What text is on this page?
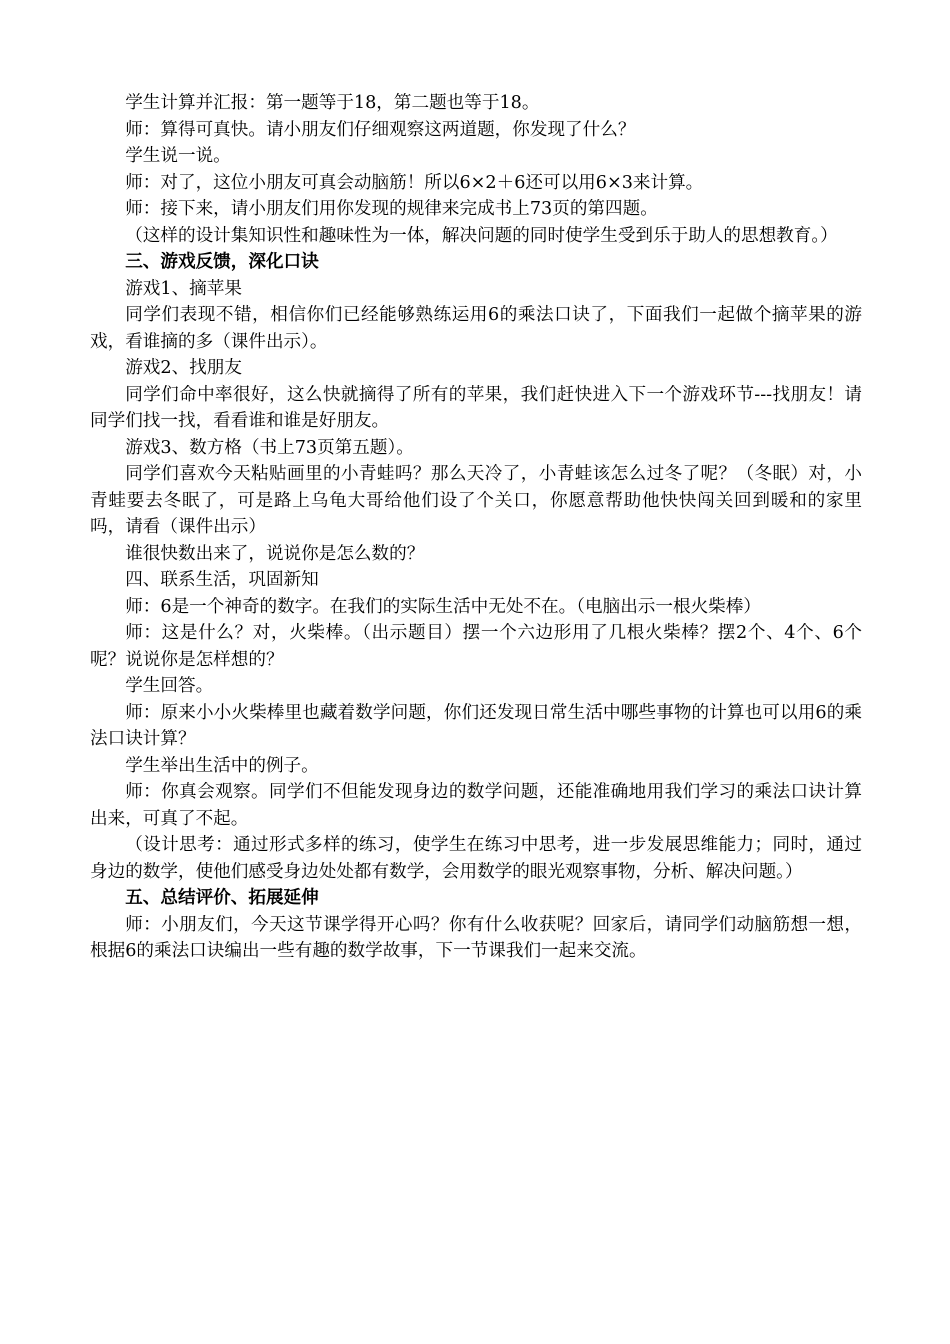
学生计算并汇报：第一题等于18，第二题也等于18。

师：算得可真快。请小朋友们仔细观察这两道题，你发现了什么？

学生说一说。

师：对了，这位小朋友可真会动脑筋！所以6×2＋6还可以用6×3来计算。

师：接下来，请小朋友们用你发现的规律来完成书上73页的第四题。

（这样的设计集知识性和趣味性为一体，解决问题的同时使学生受到乐于助人的思想教育。）

三、游戏反馈，深化口诀

游戏1、摘苹果

同学们表现不错，相信你们已经能够熟练运用6的乘法口诀了，下面我们一起做个摘苹果的游戏，看谁摘的多（课件出示）。

游戏2、找朋友

同学们命中率很好，这么快就摘得了所有的苹果，我们赶快进入下一个游戏环节---找朋友！请同学们找一找，看看谁和谁是好朋友。

游戏3、数方格（书上73页第五题）。

同学们喜欢今天粘贴画里的小青蛙吗？那么天冷了，小青蛙该怎么过冬了呢？（冬眠）对，小青蛙要去冬眠了，可是路上乌龟大哥给他们设了个关口，你愿意帮助他快快闯关回到暖和的家里吗，请看（课件出示）

谁很快数出来了，说说你是怎么数的？

四、联系生活，巩固新知

师：6是一个神奇的数字。在我们的实际生活中无处不在。（电脑出示一根火柴棒）

师：这是什么？对，火柴棒。（出示题目）摆一个六边形用了几根火柴棒？摆2个、4个、6个呢？说说你是怎样想的？

学生回答。

师：原来小小火柴棒里也藏着数学问题，你们还发现日常生活中哪些事物的计算也可以用6的乘法口诀计算？

学生举出生活中的例子。

师：你真会观察。同学们不但能发现身边的数学问题，还能准确地用我们学习的乘法口诀计算出来，可真了不起。

（设计思考：通过形式多样的练习，使学生在练习中思考，进一步发展思维能力；同时，通过身边的数学，使他们感受身边处处都有数学，会用数学的眼光观察事物，分析、解决问题。）

五、总结评价、拓展延伸

师：小朋友们，今天这节课学得开心吗？你有什么收获呢？回家后，请同学们动脑筋想一想，根据6的乘法口诀编出一些有趣的数学故事，下一节课我们一起来交流。
